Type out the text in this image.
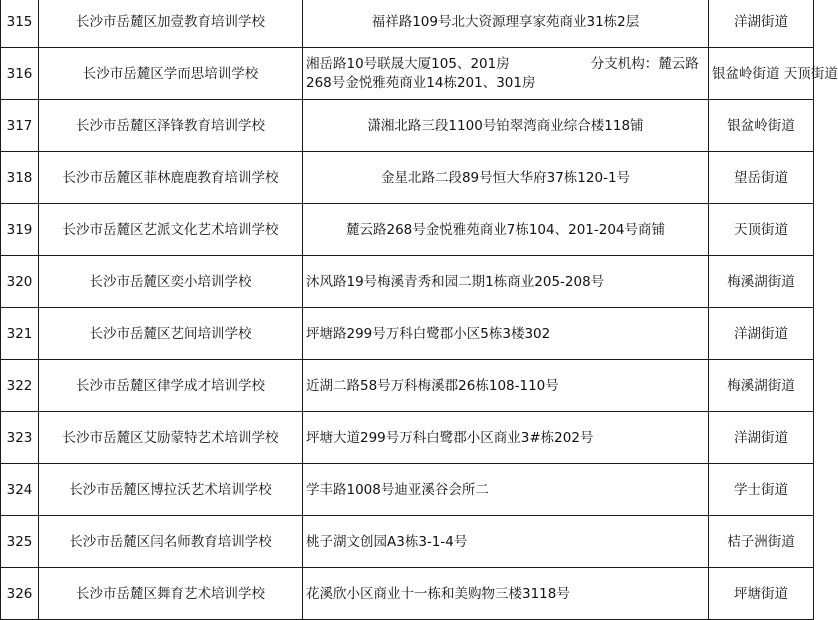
315	长沙市岳麓区加壹教育培训学校	福祥路109号北大资源理享家苑商业31栋2层	洋湖街道
316	长沙市岳麓区学而思培训学校	湘岳路10号联晟大厦105、201房　　　　　　分支机构：麓云路268号金悦雅苑商业14栋201、301房	银盆岭街道 天顶街道
317	长沙市岳麓区泽锋教育培训学校	潇湘北路三段1100号铂翠湾商业综合楼118铺	银盆岭街道
318	长沙市岳麓区菲林鹿鹿教育培训学校	金星北路二段89号恒大华府37栋120-1号	望岳街道
319	长沙市岳麓区艺派文化艺术培训学校	麓云路268号金悦雅苑商业7栋104、201-204号商铺	天顶街道
320	长沙市岳麓区奕小培训学校	沐风路19号梅溪青秀和园二期1栋商业205-208号	梅溪湖街道
321	长沙市岳麓区艺间培训学校	坪塘路299号万科白鹭郡小区5栋3楼302	洋湖街道
322	长沙市岳麓区律学成才培训学校	近湖二路58号万科梅溪郡26栋108-110号	梅溪湖街道
323	长沙市岳麓区艾励蒙特艺术培训学校	坪塘大道299号万科白鹭郡小区商业3#栋202号	洋湖街道
324	长沙市岳麓区博拉沃艺术培训学校	学丰路1008号迪亚溪谷会所二	学士街道
325	长沙市岳麓区闫名师教育培训学校	桃子湖文创园A3栋3-1-4号	桔子洲街道
326	长沙市岳麓区舞育艺术培训学校	花溪欣小区商业十一栋和美购物三楼3118号	坪塘街道
